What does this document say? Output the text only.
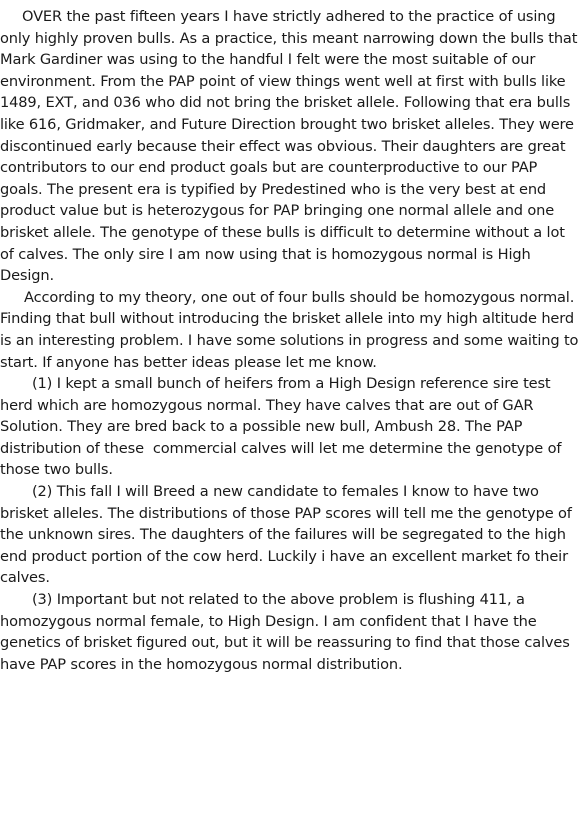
OVER the past fifteen years I have strictly adhered to the practice of using only highly proven bulls. As a practice, this meant narrowing down the bulls that Mark Gardiner was using to the handful I felt were the most suitable of our environment. From the PAP point of view things went well at first with bulls like 1489, EXT, and 036 who did not bring the brisket allele. Following that era bulls like 616, Gridmaker, and Future Direction brought two brisket alleles. They were discontinued early because their effect was obvious. Their daughters are great contributors to our end product goals but are counterproductive to our PAP goals. The present era is typified by Predestined who is the very best at end product value but is heterozygous for PAP bringing one normal allele and one brisket allele. The genotype of these bulls is difficult to determine without a lot of calves. The only sire I am now using that is homozygous normal is High Design.

According to my theory, one out of four bulls should be homozygous normal. Finding that bull without introducing the brisket allele into my high altitude herd is an interesting problem. I have some solutions in progress and some waiting to start. If anyone has better ideas please let me know.

(1) I kept a small bunch of heifers from a High Design reference sire test herd which are homozygous normal. They have calves that are out of GAR Solution. They are bred back to a possible new bull, Ambush 28. The PAP distribution of these  commercial calves will let me determine the genotype of those two bulls.

(2) This fall I will Breed a new candidate to females I know to have two brisket alleles. The distributions of those PAP scores will tell me the genotype of the unknown sires. The daughters of the failures will be segregated to the high end product portion of the cow herd. Luckily i have an excellent market fo their calves.

(3) Important but not related to the above problem is flushing 411, a homozygous normal female, to High Design. I am confident that I have the genetics of brisket figured out, but it will be reassuring to find that those calves have PAP scores in the homozygous normal distribution.
